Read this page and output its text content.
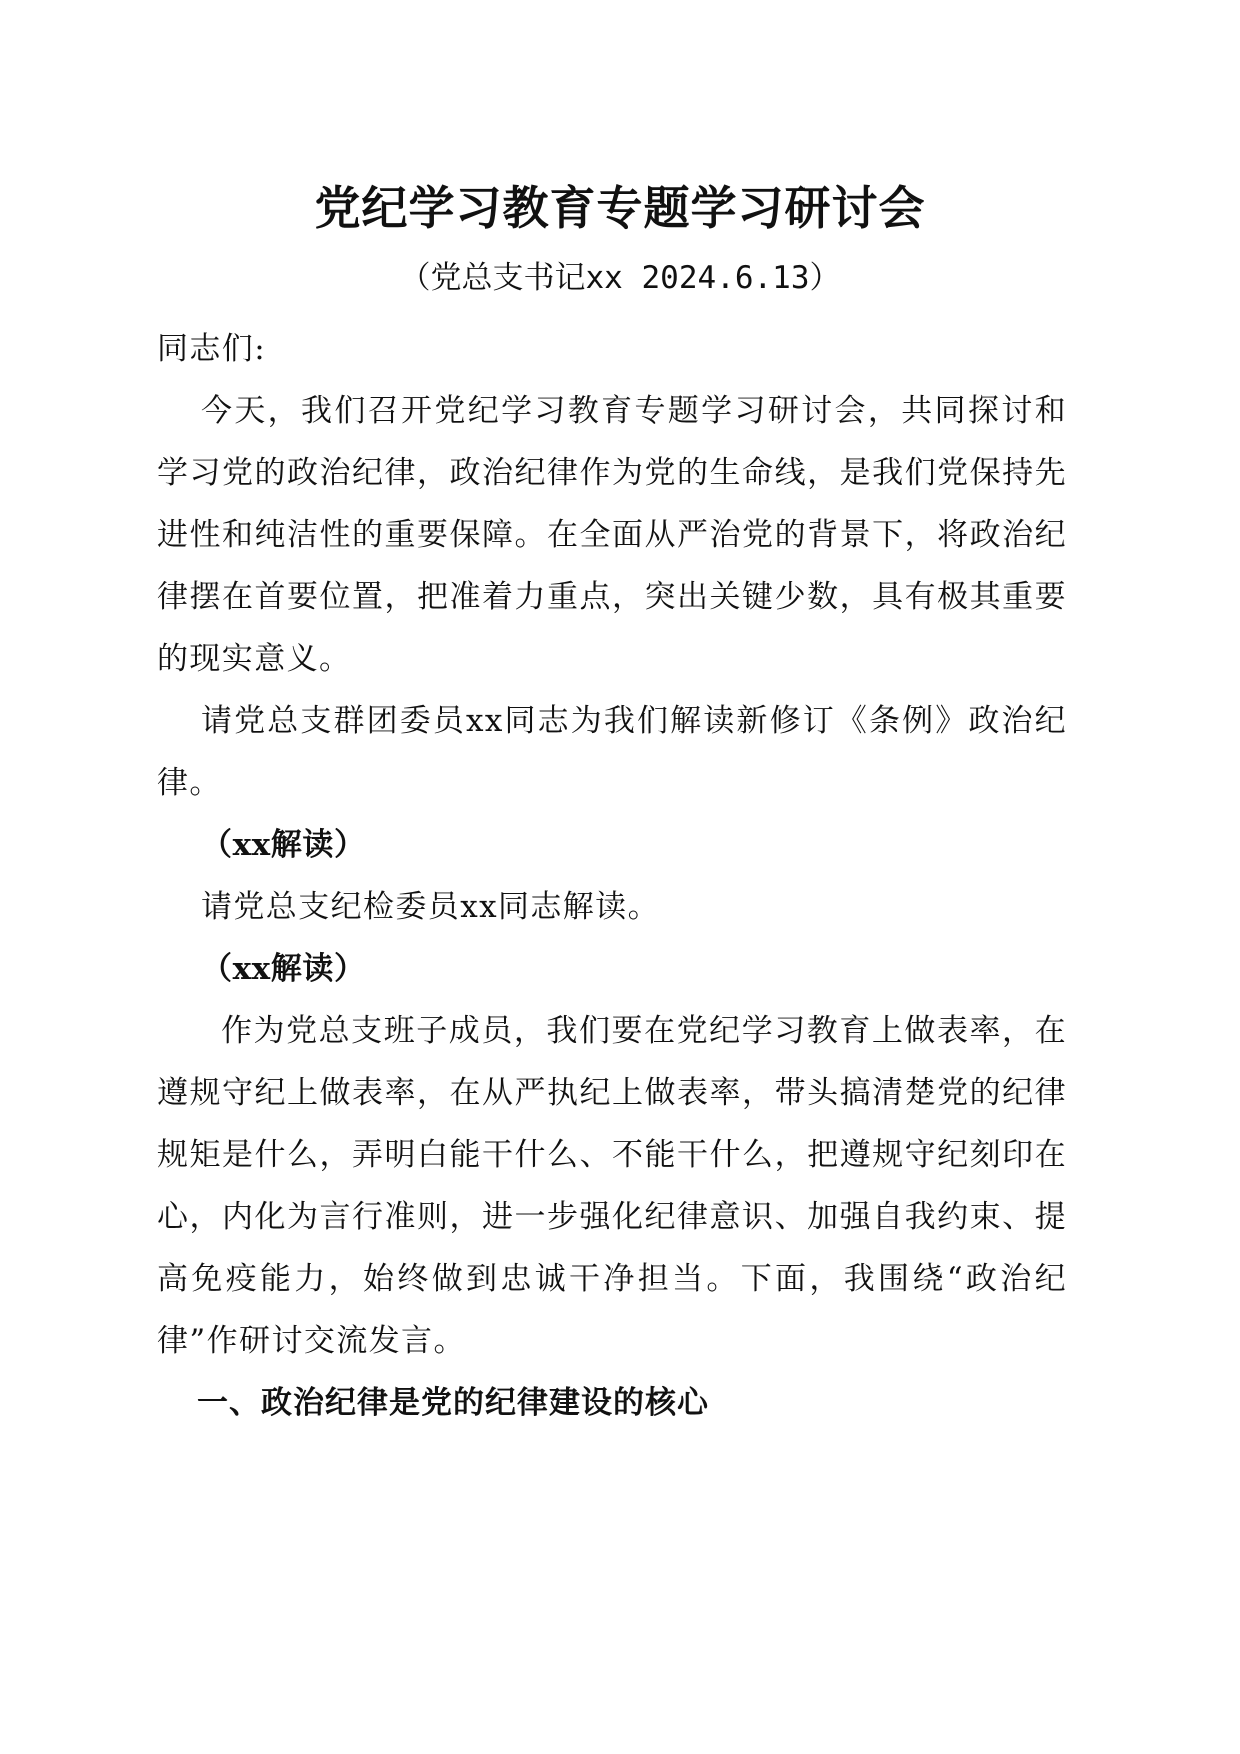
党纪学习教育专题学习研讨会
（党总支书记xx 2024.6.13）

同志们:

今天，我们召开党纪学习教育专题学习研讨会，共同探讨和学习党的政治纪律，政治纪律作为党的生命线，是我们党保持先进性和纯洁性的重要保障。在全面从严治党的背景下，将政治纪律摆在首要位置，把准着力重点，突出关键少数，具有极其重要的现实意义。

请党总支群团委员xx同志为我们解读新修订《条例》政治纪律。

（xx解读）

请党总支纪检委员xx同志解读。

（xx解读）

作为党总支班子成员，我们要在党纪学习教育上做表率，在遵规守纪上做表率，在从严执纪上做表率，带头搞清楚党的纪律规矩是什么，弄明白能干什么、不能干什么，把遵规守纪刻印在心，内化为言行准则，进一步强化纪律意识、加强自我约束、提高免疫能力，始终做到忠诚干净担当。下面，我围绕“政治纪律”作研讨交流发言。

一、政治纪律是党的纪律建设的核心
